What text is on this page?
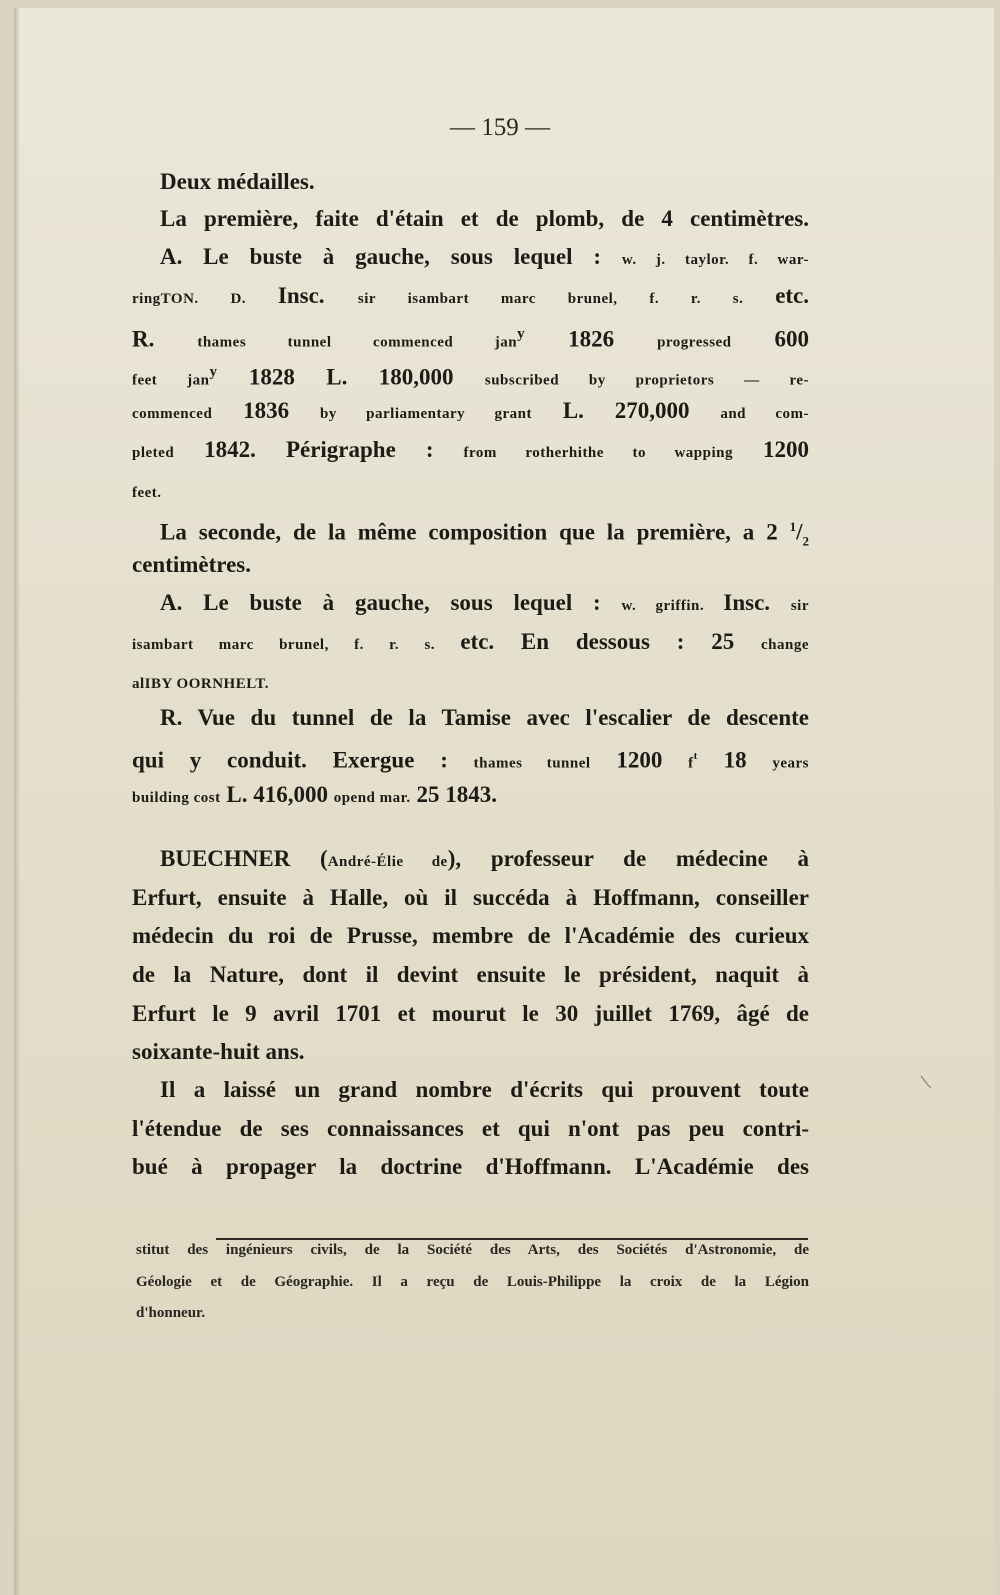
— 159 —
Deux médailles.
La première, faite d'étain et de plomb, de 4 centimètres.
A. Le buste à gauche, sous lequel : w. j. taylor. f. war-
ringTON. D. Insc. sir isambart marc brunel, f. r. s. etc.
R. thames tunnel commenced jan$^y$ 1826 progressed 600
feet jan$^y$ 1828 L. 180,000 subscribed by proprietors — re-
commenced 1836 by parliamentary grant L. 270,000 and com-
pleted 1842. Périgraphe : from rotherhithe to wapping 1200
feet.
La seconde, de la même composition que la première, a 2 $^1/_2$
centimètres.
A. Le buste à gauche, sous lequel : w. griffin. Insc. sir
isambart marc brunel, f. r. s. etc. En dessous : 25 change
alIBY OORNHELT.
R. Vue du tunnel de la Tamise avec l'escalier de descente
qui y conduit. Exergue : thames tunnel 1200 $f^t$ 18 years
building cost L. 416,000 opend mar. 25 1843.
BUECHNER (André-Élie de), professeur de médecine à
Erfurt, ensuite à Halle, où il succéda à Hoffmann, conseiller
médecin du roi de Prusse, membre de l'Académie des curieux
de la Nature, dont il devint ensuite le président, naquit à
Erfurt le 9 avril 1701 et mourut le 30 juillet 1769, âgé de
soixante-huit ans.
Il a laissé un grand nombre d'écrits qui prouvent toute
l'étendue de ses connaissances et qui n'ont pas peu contri-
bué à propager la doctrine d'Hoffmann. L'Académie des
stitut des ingénieurs civils, de la Société des Arts, des Sociétés d'Astronomie, de
Géologie et de Géographie. Il a reçu de Louis-Philippe la croix de la Légion
d'honneur.
